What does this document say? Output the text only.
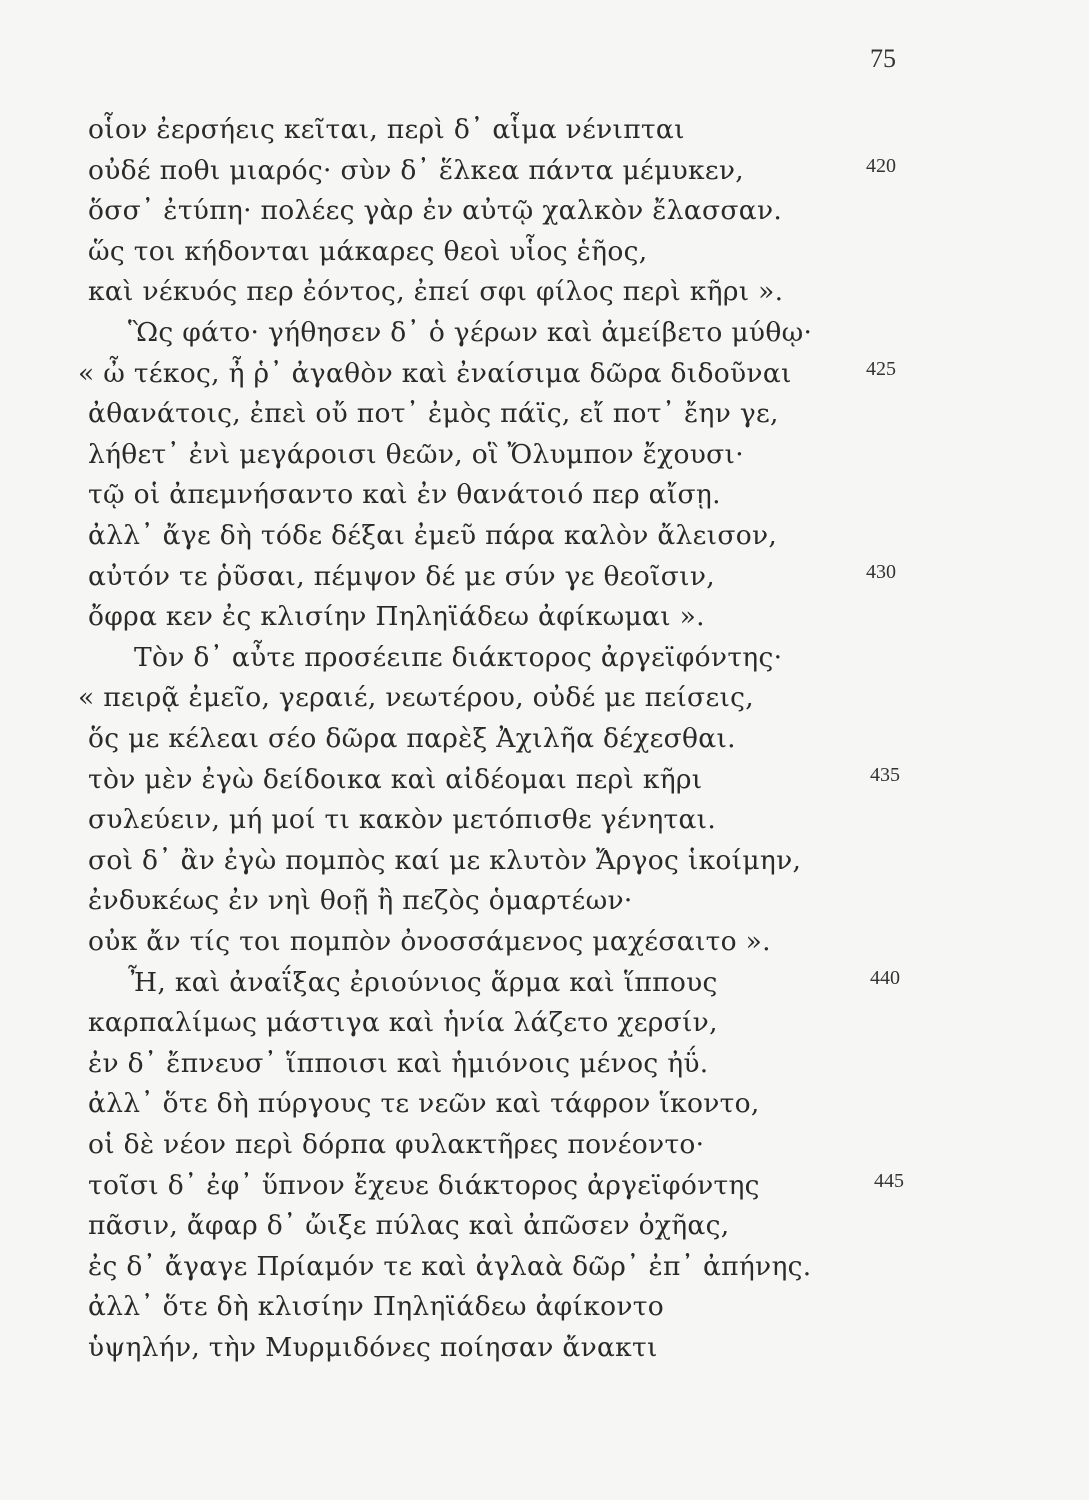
75
οἷον ἐερσήεις κεῖται, περὶ δ᾽ αἷμα νένιπται
οὐδέ ποθι μιαρός· σὺν δ᾽ ἕλκεα πάντα μέμυκεν,	420
ὅσσ᾽ ἐτύπη· πολέες γὰρ ἐν αὐτῷ χαλκὸν ἔλασσαν.
ὥς τοι κήδονται μάκαρες θεοὶ υἷος ἑῆος,
καὶ νέκυός περ ἐόντος, ἐπεί σφι φίλος περὶ κῆρι ».
Ὣς φάτο· γήθησεν δ᾽ ὁ γέρων καὶ ἀμείβετο μύθῳ·
« ὦ τέκος, ἦ ῥ᾽ ἀγαθὸν καὶ ἐναίσιμα δῶρα διδοῦναι	425
ἀθανάτοις, ἐπεὶ οὔ ποτ᾽ ἐμὸς πάϊς, εἴ ποτ᾽ ἔην γε,
λήθετ᾽ ἐνὶ μεγάροισι θεῶν, οἳ Ὄλυμπον ἔχουσι·
τῷ οἱ ἀπεμνήσαντο καὶ ἐν θανάτοιό περ αἴσῃ.
ἀλλ᾽ ἄγε δὴ τόδε δέξαι ἐμεῦ πάρα καλὸν ἄλεισον,
αὐτόν τε ῥῦσαι, πέμψον δέ με σύν γε θεοῖσιν,	430
ὄφρα κεν ἐς κλισίην Πηληϊάδεω ἀφίκωμαι ».
Τὸν δ᾽ αὖτε προσέειπε διάκτορος ἀργεϊφόντης·
« πειρᾷ ἐμεῖο, γεραιέ, νεωτέρου, οὐδέ με πείσεις,
ὅς με κέλεαι σέο δῶρα παρὲξ Ἀχιλῆα δέχεσθαι.
τὸν μὲν ἐγὼ δείδοικα καὶ αἰδέομαι περὶ κῆρι	435
συλεύειν, μή μοί τι κακὸν μετόπισθε γένηται.
σοὶ δ᾽ ἂν ἐγὼ πομπὸς καί με κλυτὸν Ἄργος ἱκοίμην,
ἐνδυκέως ἐν νηὶ θοῇ ἢ πεζὸς ὁμαρτέων·
οὐκ ἄν τίς τοι πομπὸν ὀνοσσάμενος μαχέσαιτο ».
Ἦ, καὶ ἀναΐξας ἐριούνιος ἅρμα καὶ ἵππους	440
καρπαλίμως μάστιγα καὶ ἡνία λάζετο χερσίν,
ἐν δ᾽ ἔπνευσ᾽ ἵπποισι καὶ ἡμιόνοις μένος ἠΰ.
ἀλλ᾽ ὅτε δὴ πύργους τε νεῶν καὶ τάφρον ἵκοντο,
οἱ δὲ νέον περὶ δόρπα φυλακτῆρες πονέοντο·
τοῖσι δ᾽ ἐφ᾽ ὕπνον ἔχευε διάκτορος ἀργεϊφόντης	445
πᾶσιν, ἄφαρ δ᾽ ὤιξε πύλας καὶ ἀπῶσεν ὀχῆας,
ἐς δ᾽ ἄγαγε Πρίαμόν τε καὶ ἀγλαὰ δῶρ᾽ ἐπ᾽ ἀπήνης.
ἀλλ᾽ ὅτε δὴ κλισίην Πηληϊάδεω ἀφίκοντο
ὑψηλήν, τὴν Μυρμιδόνες ποίησαν ἄνακτι
